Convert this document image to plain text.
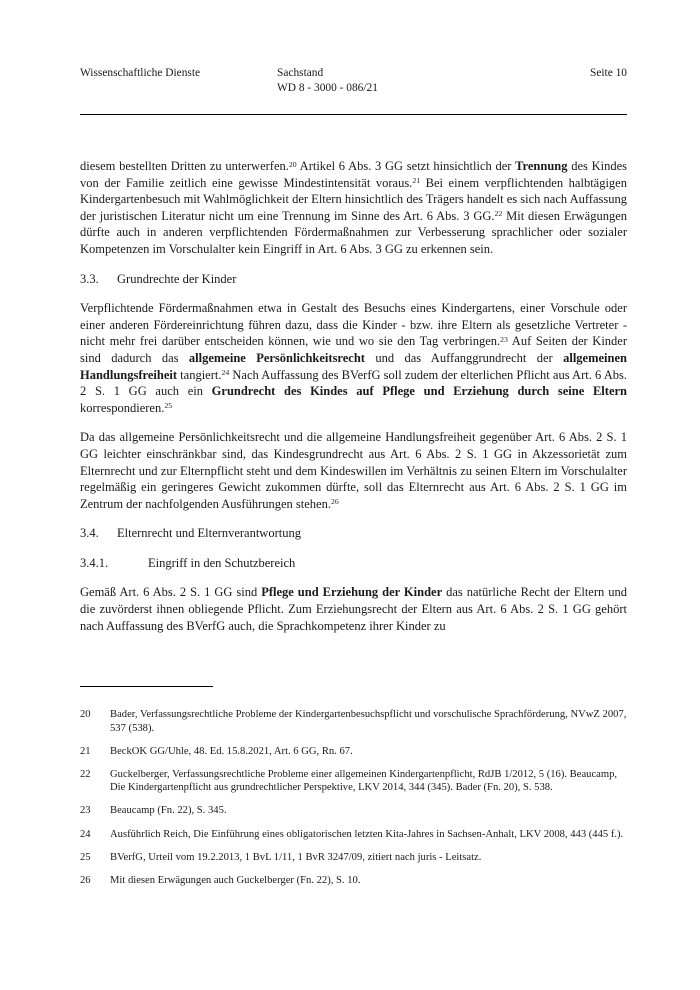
Wissenschaftliche Dienste	Sachstand
WD 8 - 3000 - 086/21
Seite 10

diesem bestellten Dritten zu unterwerfen.$^{20}$ Artikel 6 Abs. 3 GG setzt hinsichtlich der Trennung des Kindes von der Familie zeitlich eine gewisse Mindestintensität voraus.$^{21}$ Bei einem verpflichtenden halbtägigen Kindergartenbesuch mit Wahlmöglichkeit der Eltern hinsichtlich des Trägers handelt es sich nach Auffassung der juristischen Literatur nicht um eine Trennung im Sinne des Art. 6 Abs. 3 GG.$^{22}$ Mit diesen Erwägungen dürfte auch in anderen verpflichtenden Fördermaßnahmen zur Verbesserung sprachlicher oder sozialer Kompetenzen im Vorschulalter kein Eingriff in Art. 6 Abs. 3 GG zu erkennen sein.

3.3. Grundrechte der Kinder

Verpflichtende Fördermaßnahmen etwa in Gestalt des Besuchs eines Kindergartens, einer Vorschule oder einer anderen Fördereinrichtung führen dazu, dass die Kinder - bzw. ihre Eltern als gesetzliche Vertreter - nicht mehr frei darüber entscheiden können, wie und wo sie den Tag verbringen.$^{23}$ Auf Seiten der Kinder sind dadurch das allgemeine Persönlichkeitsrecht und das Auffanggrundrecht der allgemeinen Handlungsfreiheit tangiert.$^{24}$ Nach Auffassung des BVerfG soll zudem der elterlichen Pflicht aus Art. 6 Abs. 2 S. 1 GG auch ein Grundrecht des Kindes auf Pflege und Erziehung durch seine Eltern korrespondieren.$^{25}$

Da das allgemeine Persönlichkeitsrecht und die allgemeine Handlungsfreiheit gegenüber Art. 6 Abs. 2 S. 1 GG leichter einschränkbar sind, das Kindesgrundrecht aus Art. 6 Abs. 2 S. 1 GG in Akzessorietät zum Elternrecht und zur Elternpflicht steht und dem Kindeswillen im Verhältnis zu seinen Eltern im Vorschulalter regelmäßig ein geringeres Gewicht zukommen dürfte, soll das Elternrecht aus Art. 6 Abs. 2 S. 1 GG im Zentrum der nachfolgenden Ausführungen stehen.$^{26}$

3.4. Elternrecht und Elternverantwortung
3.4.1.	Eingriff in den Schutzbereich

Gemäß Art. 6 Abs. 2 S. 1 GG sind Pflege und Erziehung der Kinder das natürliche Recht der Eltern und die zuvörderst ihnen obliegende Pflicht. Zum Erziehungsrecht der Eltern aus Art. 6 Abs. 2 S. 1 GG gehört nach Auffassung des BVerfG auch, die Sprachkompetenz ihrer Kinder zu

20 Bader, Verfassungsrechtliche Probleme der Kindergartenbesuchspflicht und vorschulische Sprachförderung, NVwZ 2007, 537 (538).
21 BeckOK GG/Uhle, 48. Ed. 15.8.2021, Art. 6 GG, Rn. 67.
22 Guckelberger, Verfassungsrechtliche Probleme einer allgemeinen Kindergartenpflicht, RdJB 1/2012, 5 (16). Beaucamp, Die Kindergartenpflicht aus grundrechtlicher Perspektive, LKV 2014, 344 (345). Bader (Fn. 20), S. 538.
23 Beaucamp (Fn. 22), S. 345.
24 Ausführlich Reich, Die Einführung eines obligatorischen letzten Kita-Jahres in Sachsen-Anhalt, LKV 2008, 443 (445 f.).
25 BVerfG, Urteil vom 19.2.2013, 1 BvL 1/11, 1 BvR 3247/09, zitiert nach juris - Leitsatz.
26 Mit diesen Erwägungen auch Guckelberger (Fn. 22), S. 10.
